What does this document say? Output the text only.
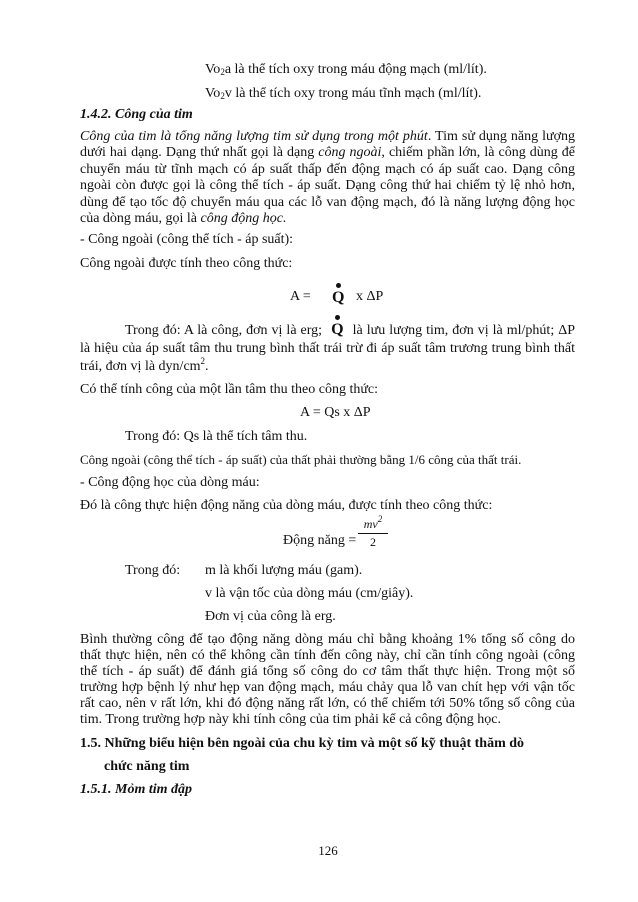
$Vo_2a$ là thể tích oxy trong máu động mạch (ml/lít).
$Vo_2v$ là thể tích oxy trong máu tĩnh mạch (ml/lít).
1.4.2. Công của tim
Công của tim là tổng năng lượng tim sử dụng trong một phút. Tim sử dụng năng lượng
dưới hai dạng. Dạng thứ nhất gọi là dạng công ngoài, chiếm phần lớn, là công dùng để
chuyển máu từ tĩnh mạch có áp suất thấp đến động mạch có áp suất cao. Dạng công
ngoài còn được gọi là công thể tích - áp suất. Dạng công thứ hai chiếm tỷ lệ nhỏ hơn,
dùng để tạo tốc độ chuyển máu qua các lỗ van động mạch, đó là năng lượng động học
của dòng máu, gọi là công động học.
- Công ngoài (công thể tích - áp suất):
Công ngoài được tính theo công thức:
A = Q x ΔP
Trong đó: A là công, đơn vị là erg; Q là lưu lượng tim, đơn vị là ml/phút; ΔP
là hiệu của áp suất tâm thu trung bình thất trái trừ đi áp suất tâm trương trung bình thất
trái, đơn vị là dyn/$cm^2$.
Có thể tính công của một lần tâm thu theo công thức:
A = Qs x ΔP
Trong đó: Qs là thể tích tâm thu.
Công ngoài (công thể tích - áp suất) của thất phải thường bằng 1/6 công của thất trái.
- Công động học của dòng máu:
Đó là công thực hiện động năng của dòng máu, được tính theo công thức:
Động năng =
$mv^2$
2
Trong đó: m là khối lượng máu (gam).
v là vận tốc của dòng máu (cm/giây).
Đơn vị của công là erg.
Bình thường công để tạo động năng dòng máu chỉ bằng khoảng 1% tổng số công do
thất thực hiện, nên có thể không cần tính đến công này, chỉ cần tính công ngoài (công
thể tích - áp suất) để đánh giá tổng số công do cơ tâm thất thực hiện. Trong một số
trường hợp bệnh lý như hẹp van động mạch, máu chảy qua lỗ van chít hẹp với vận tốc
rất cao, nên v rất lớn, khi đó động năng rất lớn, có thể chiếm tới 50% tổng số công của
tim. Trong trường hợp này khi tính công của tim phải kể cả công động học.
1.5. Những biểu hiện bên ngoài của chu kỳ tim và một số kỹ thuật thăm dò
chức năng tim
1.5.1. Mỏm tim đập
126
